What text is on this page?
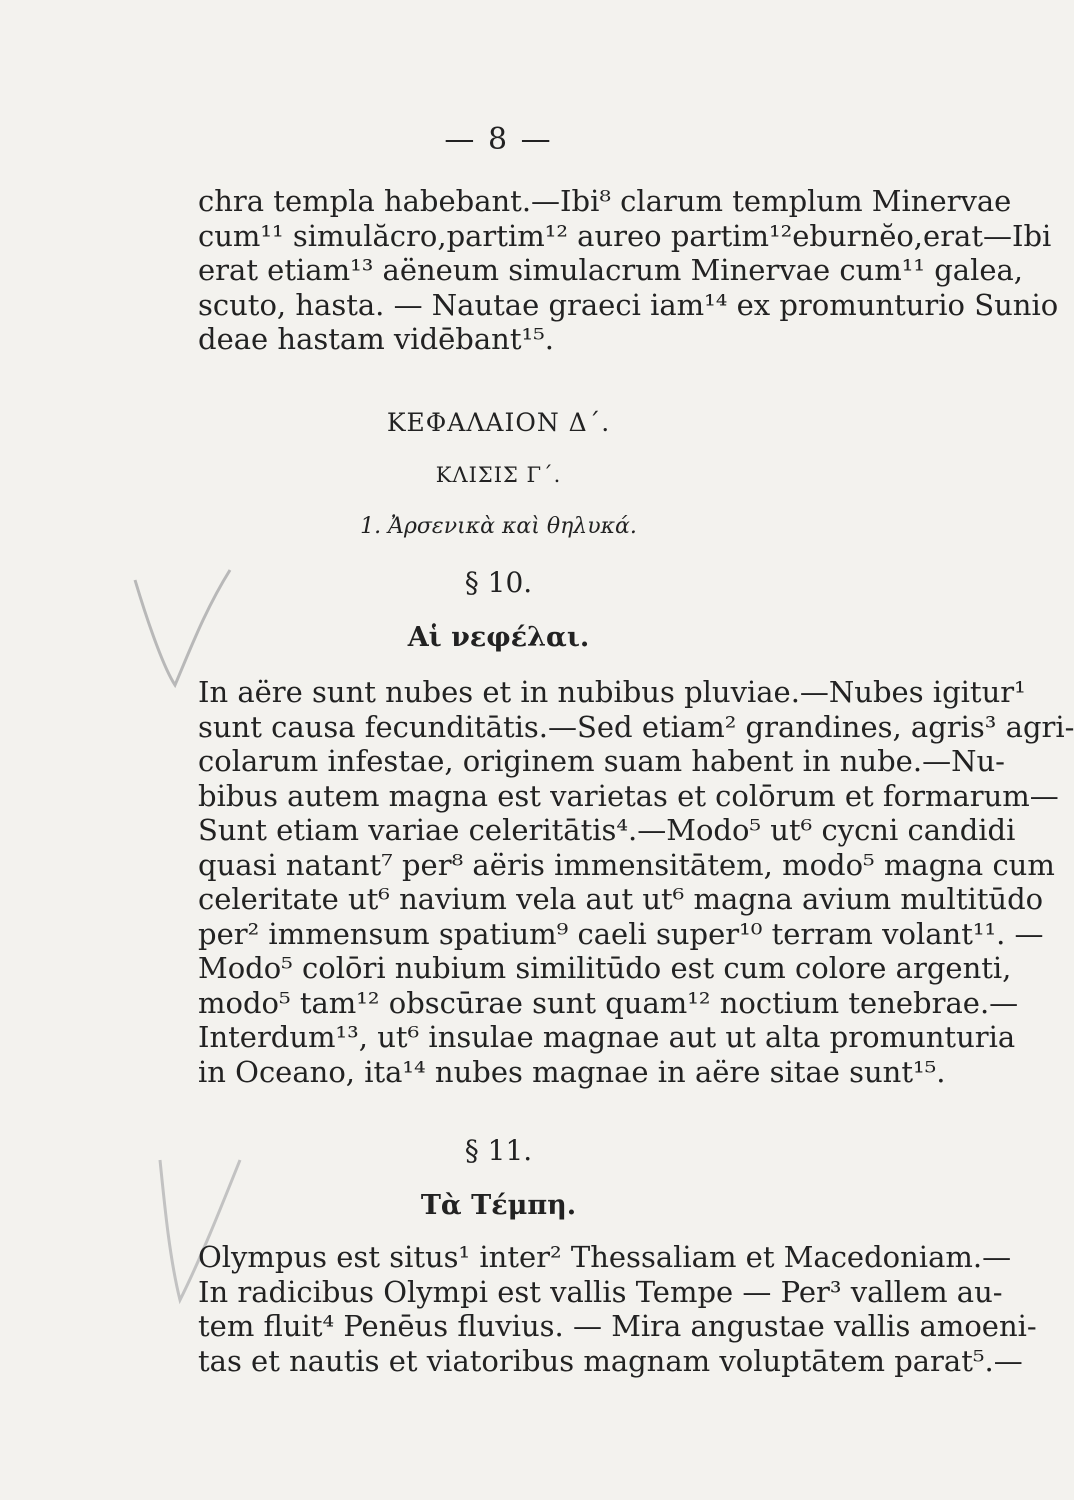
— 8 —
chra templa habebant.—Ibi⁸ clarum templum Minervae
cum¹¹ simulăcro,partim¹² aureo partim¹²eburnĕo,erat—Ibi
erat etiam¹³ aëneum simulacrum Minervae cum¹¹ galea,
scuto, hasta. — Nautae graeci iam¹⁴ ex promunturio Sunio
deae hastam vidēbant¹⁵.
ΚΕΦΑΛΑΙΟΝ Δ΄.
ΚΛΙΣΙΣ Γ΄.
1. Ἀρσενικὰ καὶ θηλυκά.
§ 10.
Αἱ νεφέλαι.
In aëre sunt nubes et in nubibus pluviae.—Nubes igitur¹
sunt causa fecunditātis.—Sed etiam² grandines, agris³ agri-
colarum infestae, originem suam habent in nube.—Nu-
bibus autem magna est varietas et colōrum et formarum—
Sunt etiam variae celeritātis⁴.—Modo⁵ ut⁶ cycni candidi
quasi natant⁷ per⁸ aëris immensitātem, modo⁵ magna cum
celeritate ut⁶ navium vela aut ut⁶ magna avium multitūdo
per² immensum spatium⁹ caeli super¹⁰ terram volant¹¹. —
Modo⁵ colōri nubium similitūdo est cum colore argenti,
modo⁵ tam¹² obscūrae sunt quam¹² noctium tenebrae.—
Interdum¹³, ut⁶ insulae magnae aut ut alta promunturia
in Oceano, ita¹⁴ nubes magnae in aëre sitae sunt¹⁵.
§ 11.
Τὰ Τέμπη.
Olympus est situs¹ inter² Thessaliam et Macedoniam.—
In radicibus Olympi est vallis Tempe — Per³ vallem au-
tem fluit⁴ Penēus fluvius. — Mira angustae vallis amoeni-
tas et nautis et viatoribus magnam voluptātem parat⁵.—
